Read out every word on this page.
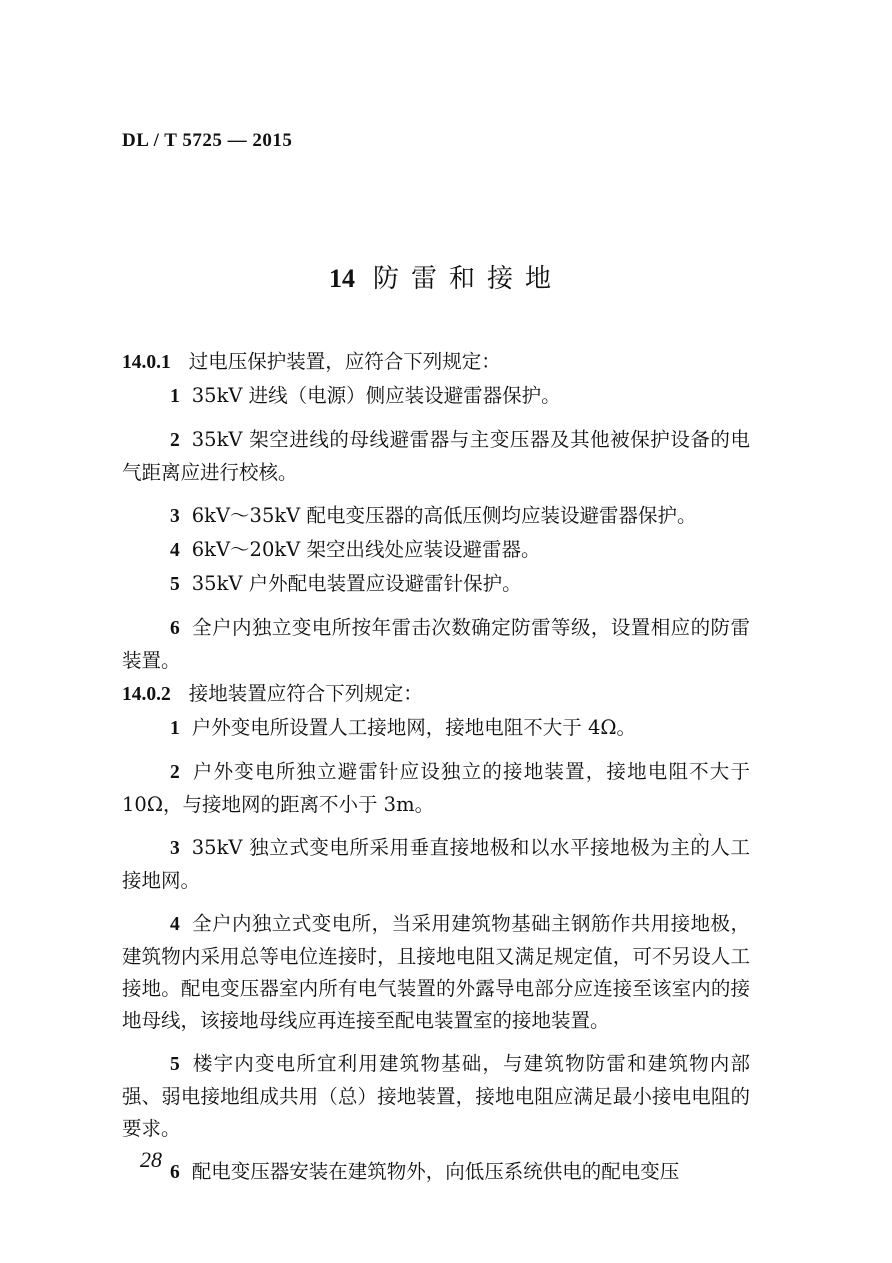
DL / T 5725 — 2015
14 防雷和接地

14.0.1 过电压保护装置，应符合下列规定：

1 35kV 进线（电源）侧应装设避雷器保护。

2 35kV 架空进线的母线避雷器与主变压器及其他被保护设备的电气距离应进行校核。

3 6kV～35kV 配电变压器的高低压侧均应装设避雷器保护。

4 6kV～20kV 架空出线处应装设避雷器。

5 35kV 户外配电装置应设避雷针保护。

6 全户内独立变电所按年雷击次数确定防雷等级，设置相应的防雷装置。

14.0.2 接地装置应符合下列规定：

1 户外变电所设置人工接地网，接地电阻不大于 4Ω。

2 户外变电所独立避雷针应设独立的接地装置，接地电阻不大于 10Ω，与接地网的距离不小于 3m。

3 35kV 独立式变电所采用垂直接地极和以水平接地极为主的人工接地网。

4 全户内独立式变电所，当采用建筑物基础主钢筋作共用接地极，建筑物内采用总等电位连接时，且接地电阻又满足规定值，可不另设人工接地。配电变压器室内所有电气装置的外露导电部分应连接至该室内的接地母线，该接地母线应再连接至配电装置室的接地装置。

5 楼宇内变电所宜利用建筑物基础，与建筑物防雷和建筑物内部强、弱电接地组成共用（总）接地装置，接地电阻应满足最小接电电阻的要求。

6 配电变压器安装在建筑物外，向低压系统供电的配电变压

、
28
